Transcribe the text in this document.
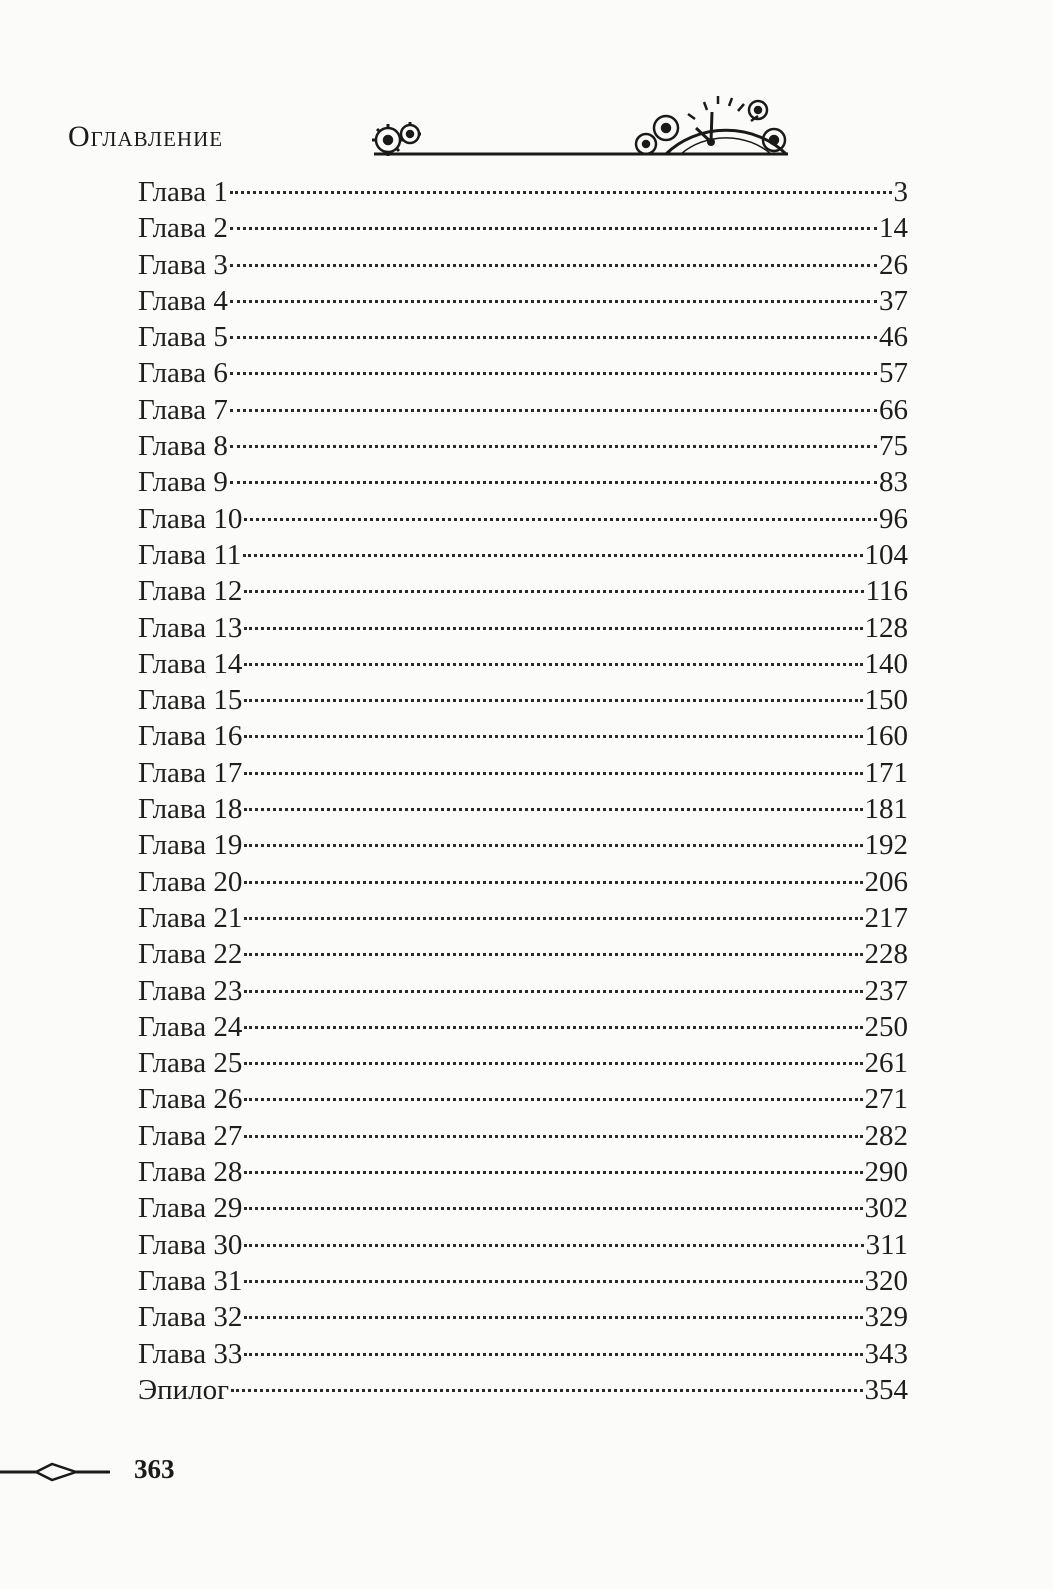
Оглавление
Глава 1	3
Глава 2	14
Глава 3	26
Глава 4	37
Глава 5	46
Глава 6	57
Глава 7	66
Глава 8	75
Глава 9	83
Глава 10	96
Глава 11	104
Глава 12	116
Глава 13	128
Глава 14	140
Глава 15	150
Глава 16	160
Глава 17	171
Глава 18	181
Глава 19	192
Глава 20	206
Глава 21	217
Глава 22	228
Глава 23	237
Глава 24	250
Глава 25	261
Глава 26	271
Глава 27	282
Глава 28	290
Глава 29	302
Глава 30	311
Глава 31	320
Глава 32	329
Глава 33	343
Эпилог	354
363
